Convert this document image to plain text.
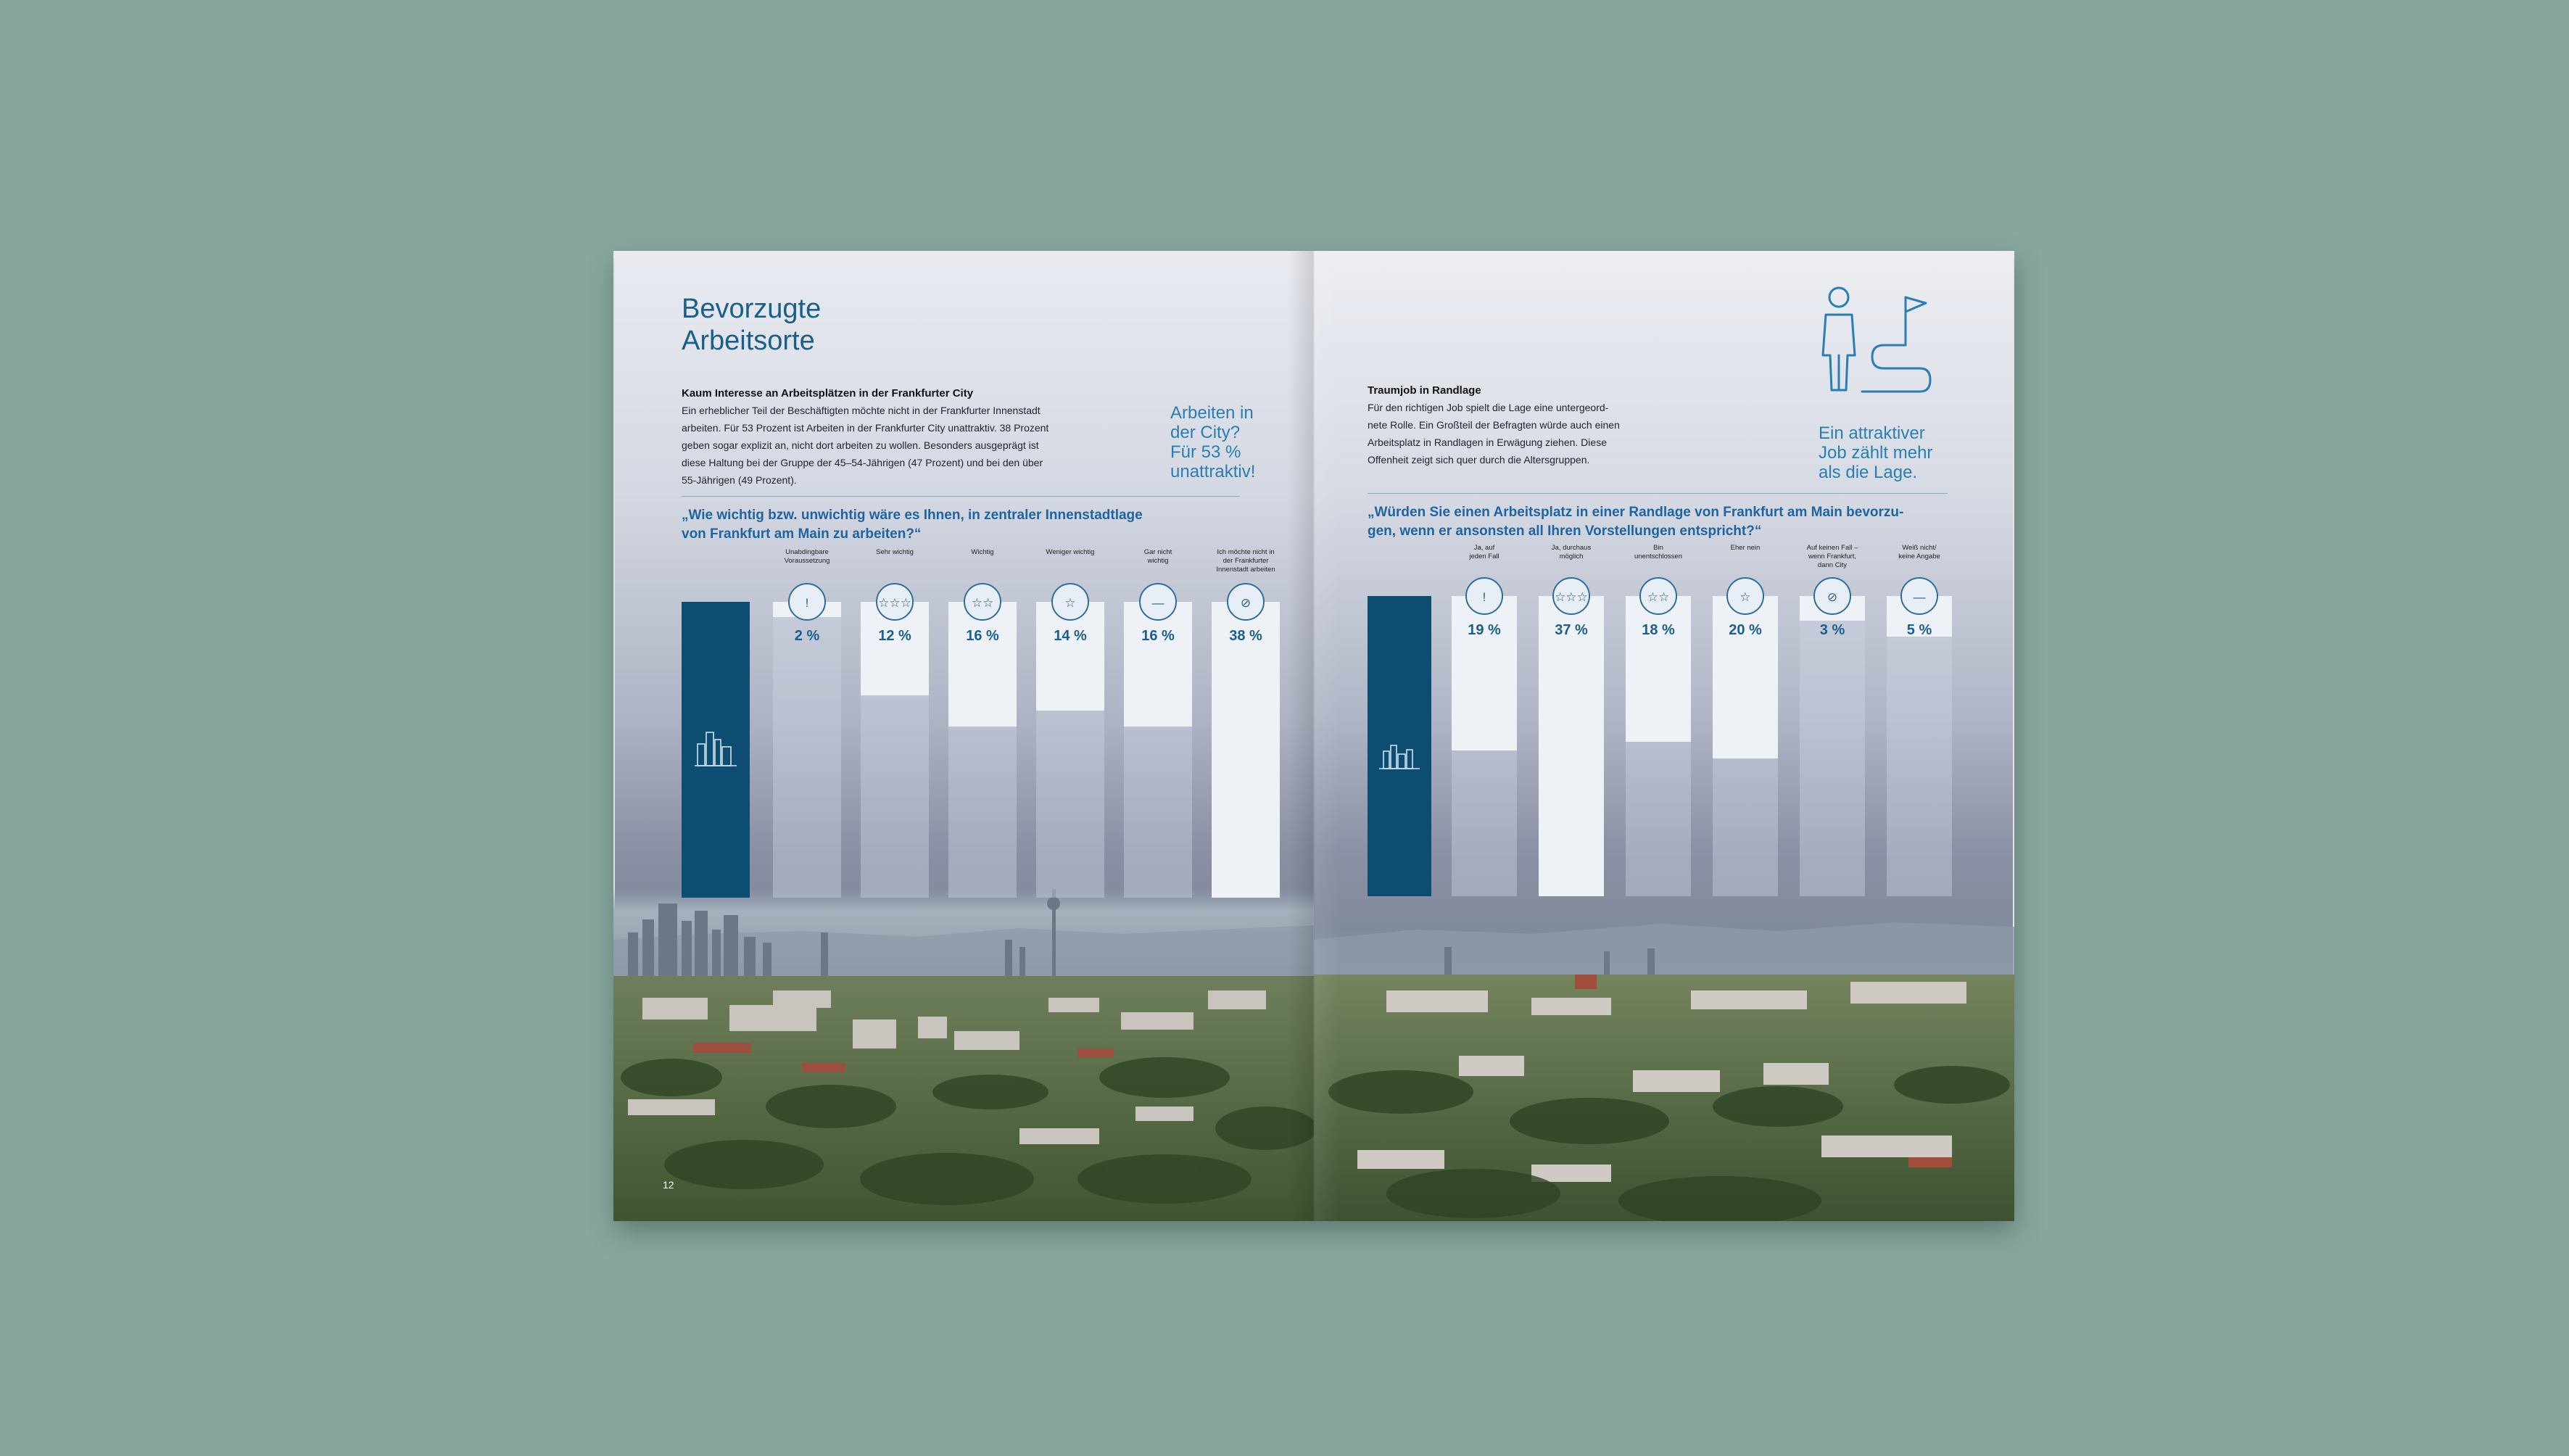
Bevorzugte
Arbeitsorte
Kaum Interesse an Arbeitsplätzen in der Frankfurter City
Ein erheblicher Teil der Beschäftigten möchte nicht in der Frankfurter Innenstadt
arbeiten. Für 53 Prozent ist Arbeiten in der Frankfurter City unattraktiv. 38 Prozent
geben sogar explizit an, nicht dort arbeiten zu wollen. Besonders ausgeprägt ist
diese Haltung bei der Gruppe der 45–54-Jährigen (47 Prozent) und bei den über
55-Jährigen (49 Prozent).
Arbeiten in
der City?
Für 53 %
unattraktiv!
„Wie wichtig bzw. unwichtig wäre es Ihnen, in zentraler Innenstadtlage
von Frankfurt am Main zu arbeiten?“
Unabdingbare
Voraussetzung
!
2 %
Sehr wichtig
☆☆☆
12 %
Wichtig
☆☆
16 %
Weniger wichtig
☆
14 %
Gar nicht
wichtig
—
16 %
Ich möchte nicht in
der Frankfurter
Innenstadt arbeiten
⊘
38 %
12
Traumjob in Randlage
Für den richtigen Job spielt die Lage eine untergeord-
nete Rolle. Ein Großteil der Befragten würde auch einen
Arbeitsplatz in Randlagen in Erwägung ziehen. Diese
Offenheit zeigt sich quer durch die Altersgruppen.
Ein attraktiver
Job zählt mehr
als die Lage.
„Würden Sie einen Arbeitsplatz in einer Randlage von Frankfurt am Main bevorzu-
gen, wenn er ansonsten all Ihren Vorstellungen entspricht?“
Ja, auf
jeden Fall
!
19 %
Ja, durchaus
möglich
☆☆☆
37 %
Bin
unentschlossen
☆☆
18 %
Eher nein
☆
20 %
Auf keinen Fall –
wenn Frankfurt,
dann City
⊘
3 %
Weiß nicht/
keine Angabe
—
5 %
